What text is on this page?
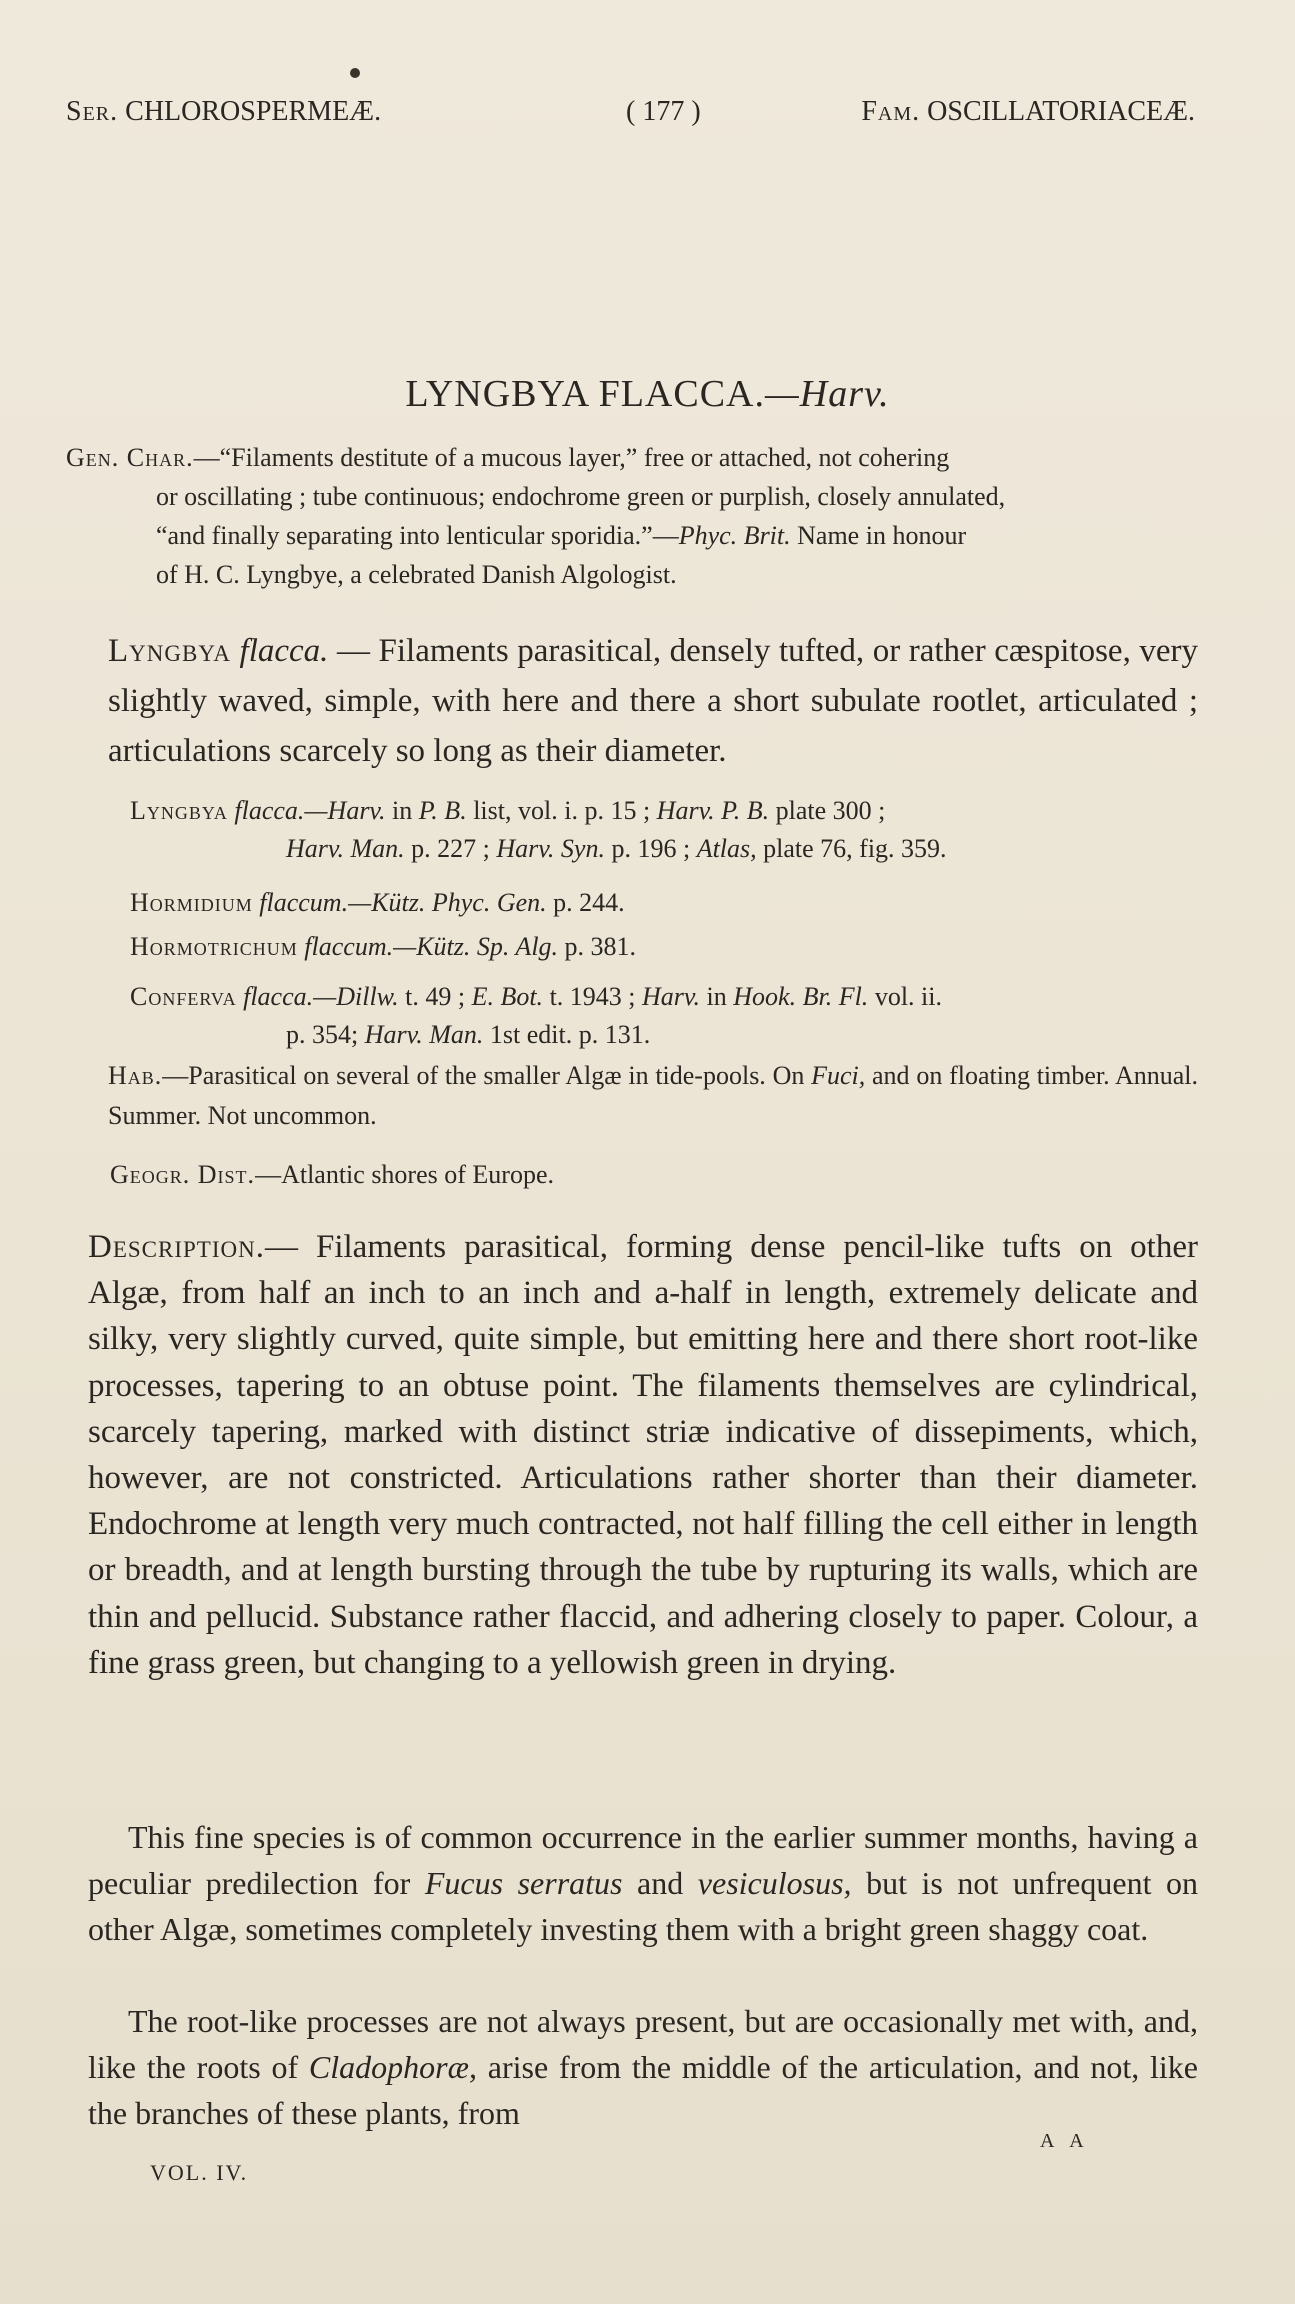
Ser. CHLOROSPERMEÆ.	( 177 )	Fam. OSCILLATORIACEÆ.
LYNGBYA FLACCA.—Harv.
Gen. Char.—“Filaments destitute of a mucous layer,” free or attached, not cohering
or oscillating ; tube continuous; endochrome green or purplish, closely annulated,
“and finally separating into lenticular sporidia.”—Phyc. Brit. Name in honour
of H. C. Lyngbye, a celebrated Danish Algologist.
Lyngbya flacca. — Filaments parasitical, densely tufted, or rather cæspitose, very slightly waved, simple, with here and there a short subulate rootlet, articulated ; articulations scarcely so long as their diameter.
Lyngbya flacca.—Harv. in P. B. list, vol. i. p. 15 ; Harv. P. B. plate 300 ;
Harv. Man. p. 227 ; Harv. Syn. p. 196 ; Atlas, plate 76, fig. 359.
Hormidium flaccum.—Kütz. Phyc. Gen. p. 244.
Hormotrichum flaccum.—Kütz. Sp. Alg. p. 381.
Conferva flacca.—Dillw. t. 49 ; E. Bot. t. 1943 ; Harv. in Hook. Br. Fl. vol. ii.
p. 354; Harv. Man. 1st edit. p. 131.
Hab.—Parasitical on several of the smaller Algæ in tide-pools. On Fuci, and on floating timber. Annual. Summer. Not uncommon.
Geogr. Dist.—Atlantic shores of Europe.
Description.— Filaments parasitical, forming dense pencil-like tufts on other Algæ, from half an inch to an inch and a-half in length, extremely delicate and silky, very slightly curved, quite simple, but emitting here and there short root-like processes, tapering to an obtuse point. The filaments themselves are cylindrical, scarcely tapering, marked with distinct striæ indicative of dissepiments, which, however, are not constricted. Articulations rather shorter than their diameter. Endochrome at length very much contracted, not half filling the cell either in length or breadth, and at length bursting through the tube by rupturing its walls, which are thin and pellucid. Substance rather flaccid, and adhering closely to paper. Colour, a fine grass green, but changing to a yellowish green in drying.
This fine species is of common occurrence in the earlier summer months, having a peculiar predilection for Fucus serratus and vesiculosus, but is not unfrequent on other Algæ, sometimes completely investing them with a bright green shaggy coat.
The root-like processes are not always present, but are occasionally met with, and, like the roots of Cladophoræ, arise from the middle of the articulation, and not, like the branches of these plants, from
VOL. IV.
A A
